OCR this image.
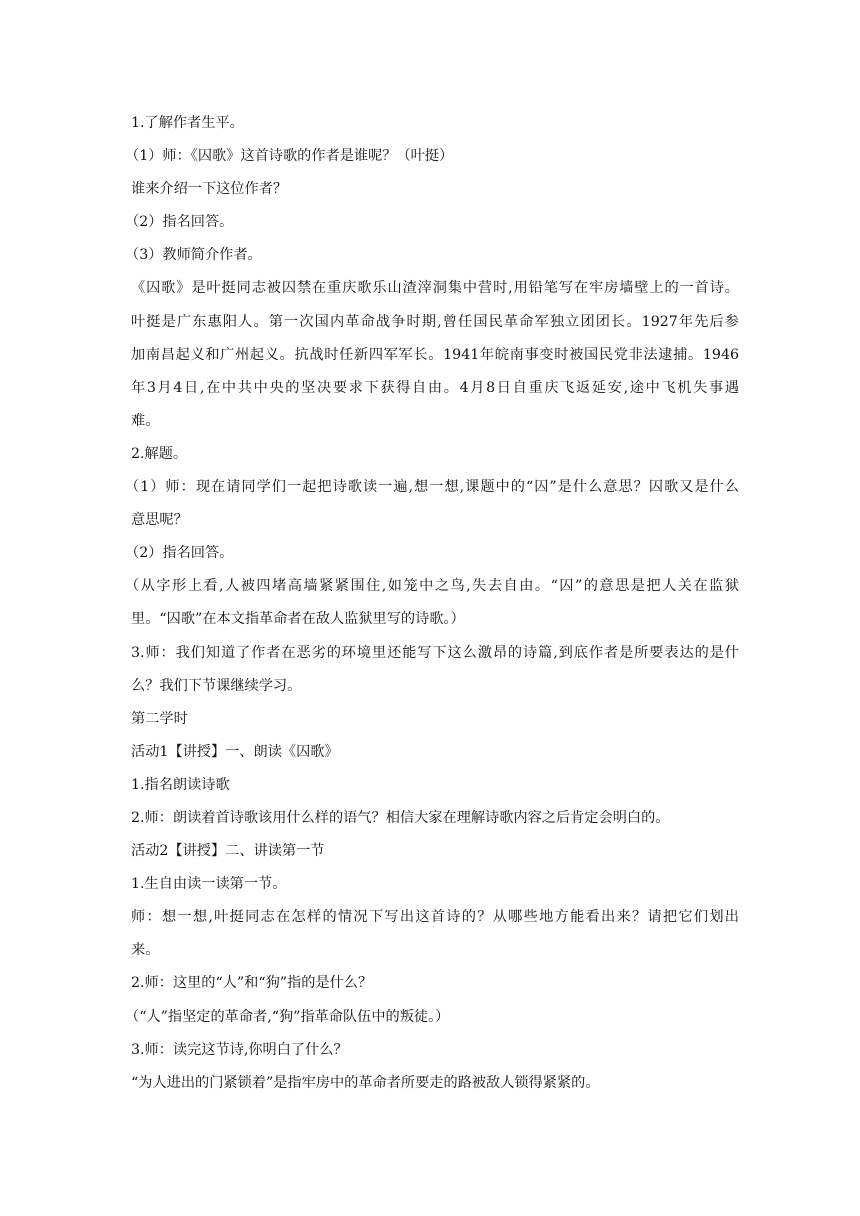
1.了解作者生平。
（1）师：《囚歌》这首诗歌的作者是谁呢？（叶挺）
谁来介绍一下这位作者？
（2）指名回答。
（3）教师简介作者。
《囚歌》是叶挺同志被囚禁在重庆歌乐山渣滓洞集中营时,用铅笔写在牢房墙壁上的一首诗。
叶挺是广东惠阳人。第一次国内革命战争时期,曾任国民革命军独立团团长。1927年先后参
加南昌起义和广州起义。抗战时任新四军军长。1941年皖南事变时被国民党非法逮捕。1946
年3月4日,在中共中央的坚决要求下获得自由。4月8日自重庆飞返延安,途中飞机失事遇
难。
2.解题。
（1）师：现在请同学们一起把诗歌读一遍,想一想,课题中的“囚”是什么意思？囚歌又是什么
意思呢？
（2）指名回答。
（从字形上看,人被四堵高墙紧紧围住,如笼中之鸟,失去自由。“囚”的意思是把人关在监狱
里。“囚歌”在本文指革命者在敌人监狱里写的诗歌。）
3.师：我们知道了作者在恶劣的环境里还能写下这么激昂的诗篇,到底作者是所要表达的是什
么？我们下节课继续学习。
第二学时
活动1【讲授】一、朗读《囚歌》
1.指名朗读诗歌
2.师：朗读着首诗歌该用什么样的语气？相信大家在理解诗歌内容之后肯定会明白的。
活动2【讲授】二、讲读第一节
1.生自由读一读第一节。
师：想一想,叶挺同志在怎样的情况下写出这首诗的？从哪些地方能看出来？请把它们划出
来。
2.师：这里的“人”和“狗”指的是什么？
（“人”指坚定的革命者,“狗”指革命队伍中的叛徒。）
3.师：读完这节诗,你明白了什么？
“为人进出的门紧锁着”是指牢房中的革命者所要走的路被敌人锁得紧紧的。
